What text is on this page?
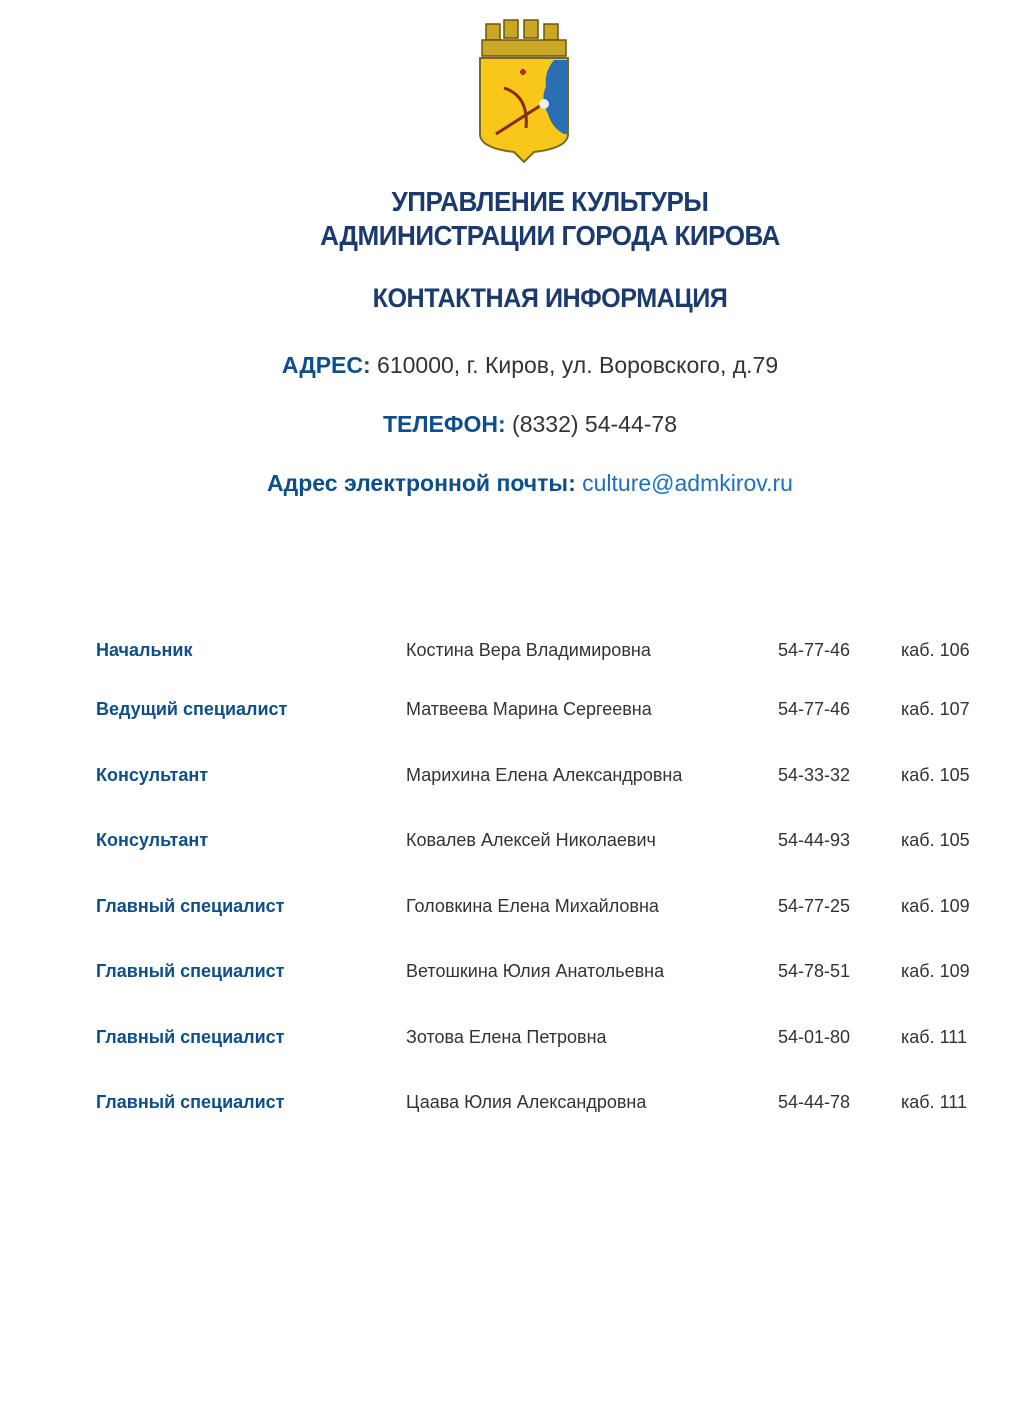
УПРАВЛЕНИЕ КУЛЬТУРЫ
АДМИНИСТРАЦИИ ГОРОДА КИРОВА
КОНТАКТНАЯ ИНФОРМАЦИЯ
АДРЕС: 610000, г. Киров, ул. Воровского, д.79
ТЕЛЕФОН: (8332) 54-44-78
Адрес электронной почты: culture@admkirov.ru
Начальник	Костина Вера Владимировна	54-77-46	каб. 106
Ведущий специалист	Матвеева Марина Сергеевна	54-77-46	каб. 107
Консультант	Марихина Елена Александровна	54-33-32	каб. 105
Консультант	Ковалев Алексей Николаевич	54-44-93	каб. 105
Главный специалист	Головкина Елена Михайловна	54-77-25	каб. 109
Главный специалист	Ветошкина Юлия Анатольевна	54-78-51	каб. 109
Главный специалист	Зотова Елена Петровна	54-01-80	каб. 111
Главный специалист	Цаава Юлия Александровна	54-44-78	каб. 111
